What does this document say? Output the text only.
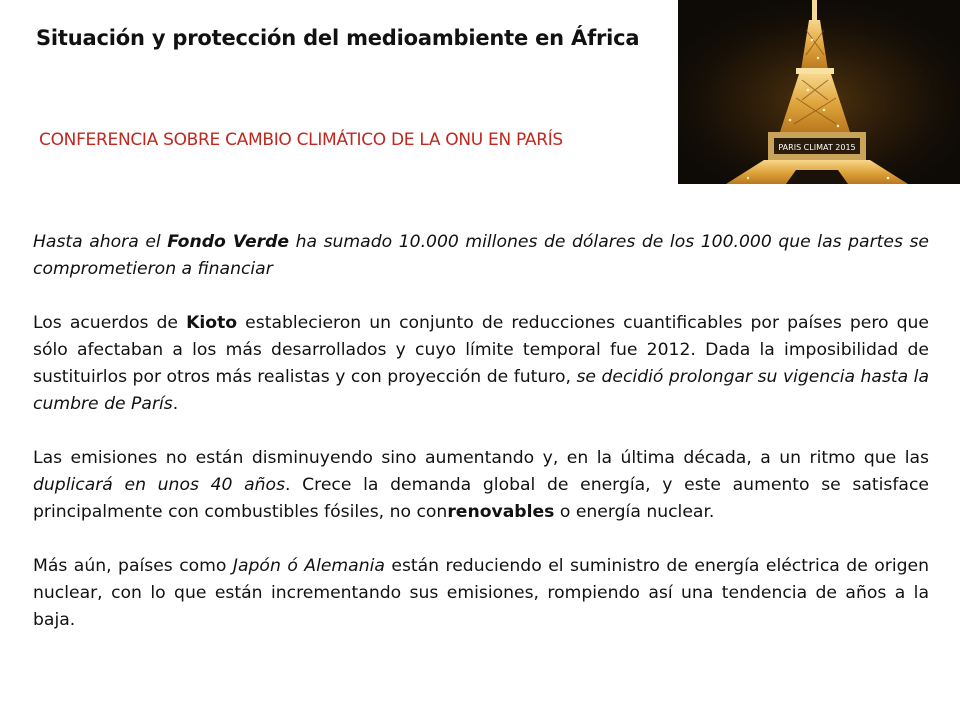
Situación y protección del medioambiente en África
CONFERENCIA SOBRE CAMBIO CLIMÁTICO DE LA ONU EN PARÍS	PARIS CLIMAT 2015

Hasta ahora el Fondo Verde ha sumado 10.000 millones de dólares de los 100.000 que las partes se comprometieron a financiar

Los acuerdos de Kioto establecieron un conjunto de reducciones cuantificables por países pero que sólo afectaban a los más desarrollados y cuyo límite temporal fue 2012. Dada la imposibilidad de sustituirlos por otros más realistas y con proyección de futuro, se decidió prolongar su vigencia hasta la cumbre de París.

Las emisiones no están disminuyendo sino aumentando y, en la última década, a un ritmo que las duplicará en unos 40 años. Crece la demanda global de energía, y este aumento se satisface principalmente con combustibles fósiles, no conrenovables o energía nuclear.

Más aún, países como Japón ó Alemania están reduciendo el suministro de energía eléctrica de origen nuclear, con lo que están incrementando sus emisiones, rompiendo así una tendencia de años a la baja.
